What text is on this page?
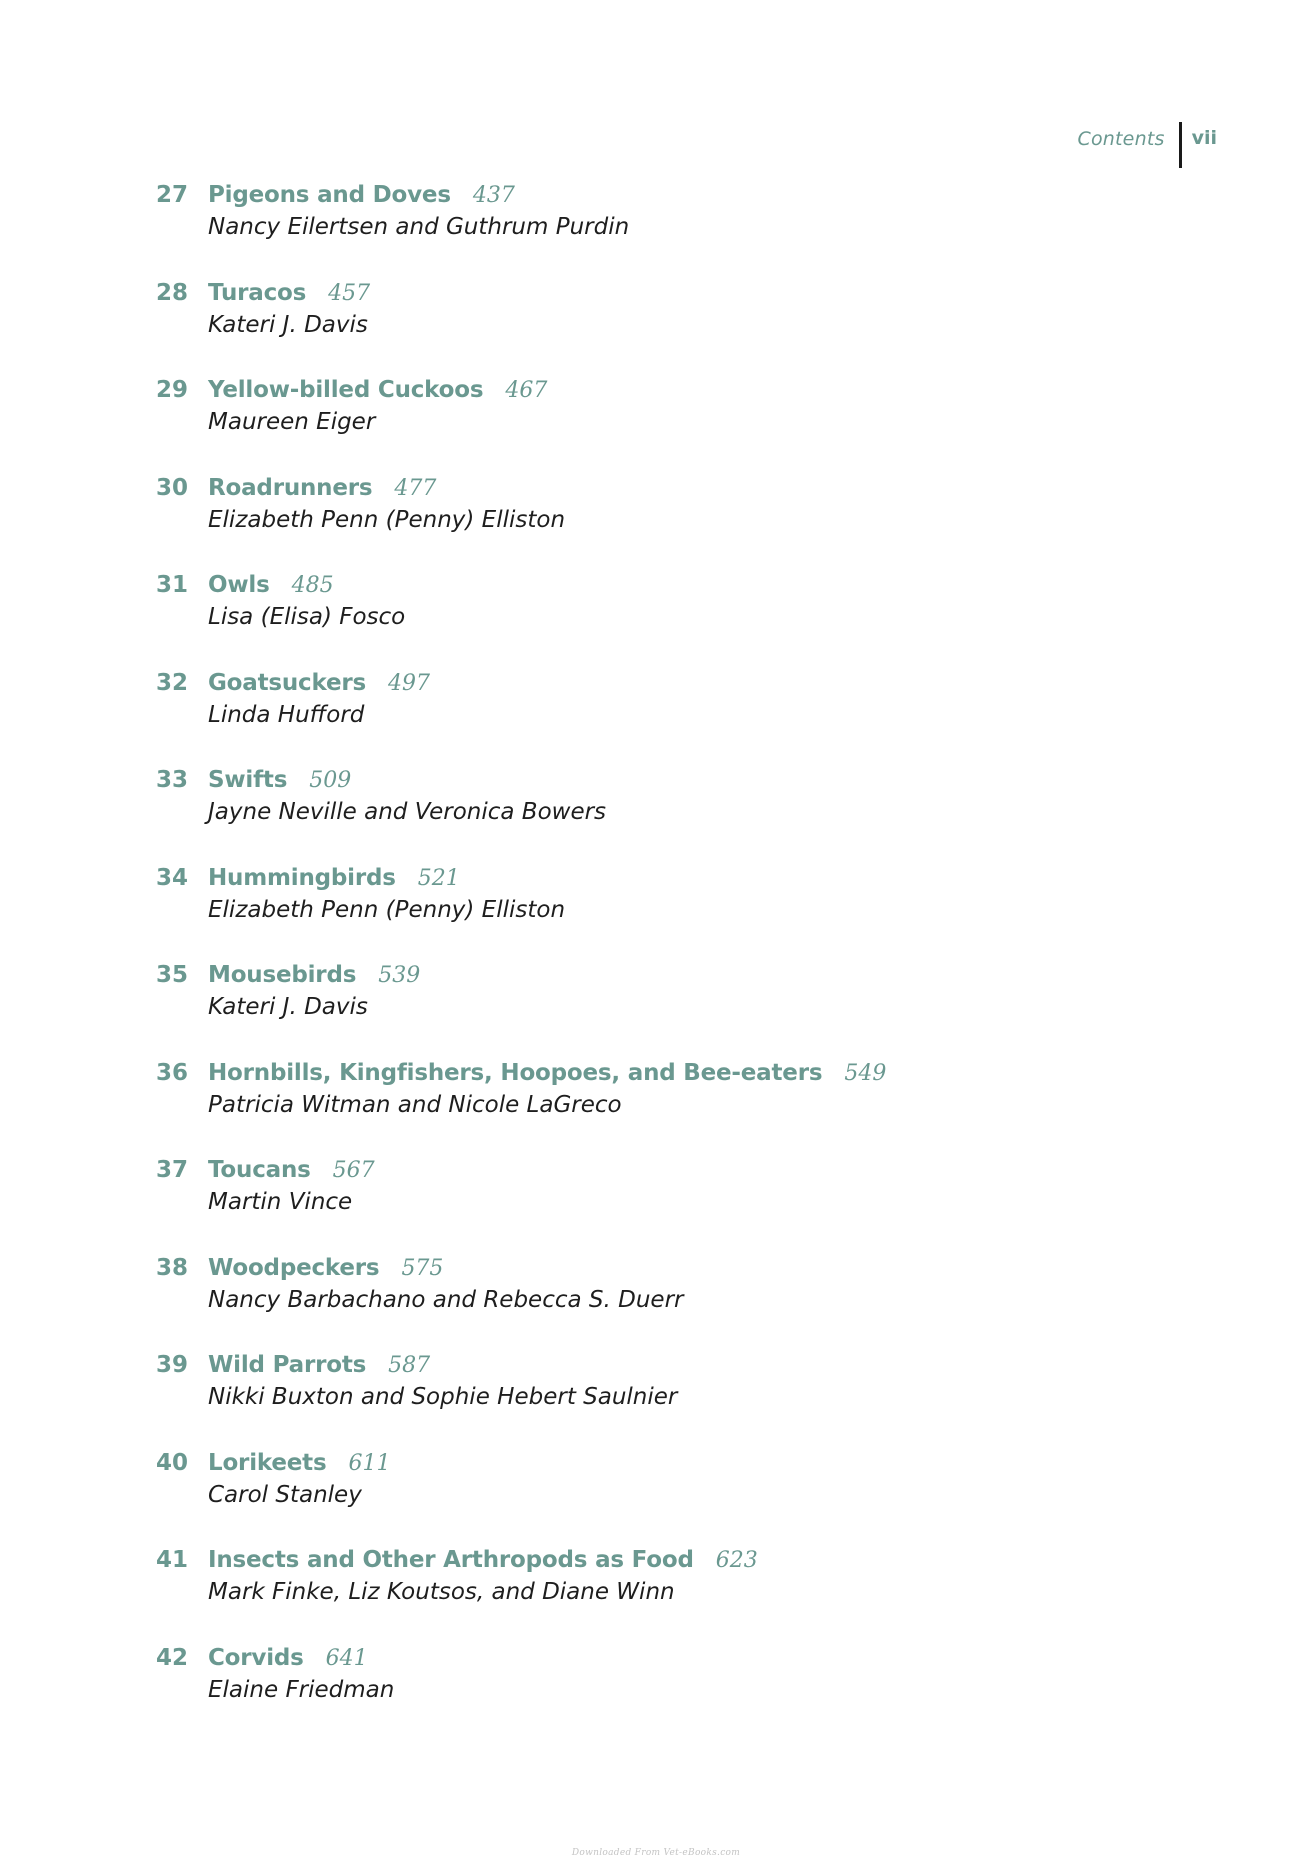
Contents vii
27 Pigeons and Doves 437
Nancy Eilertsen and Guthrum Purdin
28 Turacos 457
Kateri J. Davis
29 Yellow-billed Cuckoos 467
Maureen Eiger
30 Roadrunners 477
Elizabeth Penn (Penny) Elliston
31 Owls 485
Lisa (Elisa) Fosco
32 Goatsuckers 497
Linda Hufford
33 Swifts 509
Jayne Neville and Veronica Bowers
34 Hummingbirds 521
Elizabeth Penn (Penny) Elliston
35 Mousebirds 539
Kateri J. Davis
36 Hornbills, Kingfishers, Hoopoes, and Bee-eaters 549
Patricia Witman and Nicole LaGreco
37 Toucans 567
Martin Vince
38 Woodpeckers 575
Nancy Barbachano and Rebecca S. Duerr
39 Wild Parrots 587
Nikki Buxton and Sophie Hebert Saulnier
40 Lorikeets 611
Carol Stanley
41 Insects and Other Arthropods as Food 623
Mark Finke, Liz Koutsos, and Diane Winn
42 Corvids 641
Elaine Friedman
Downloaded From Vet-eBooks.com
